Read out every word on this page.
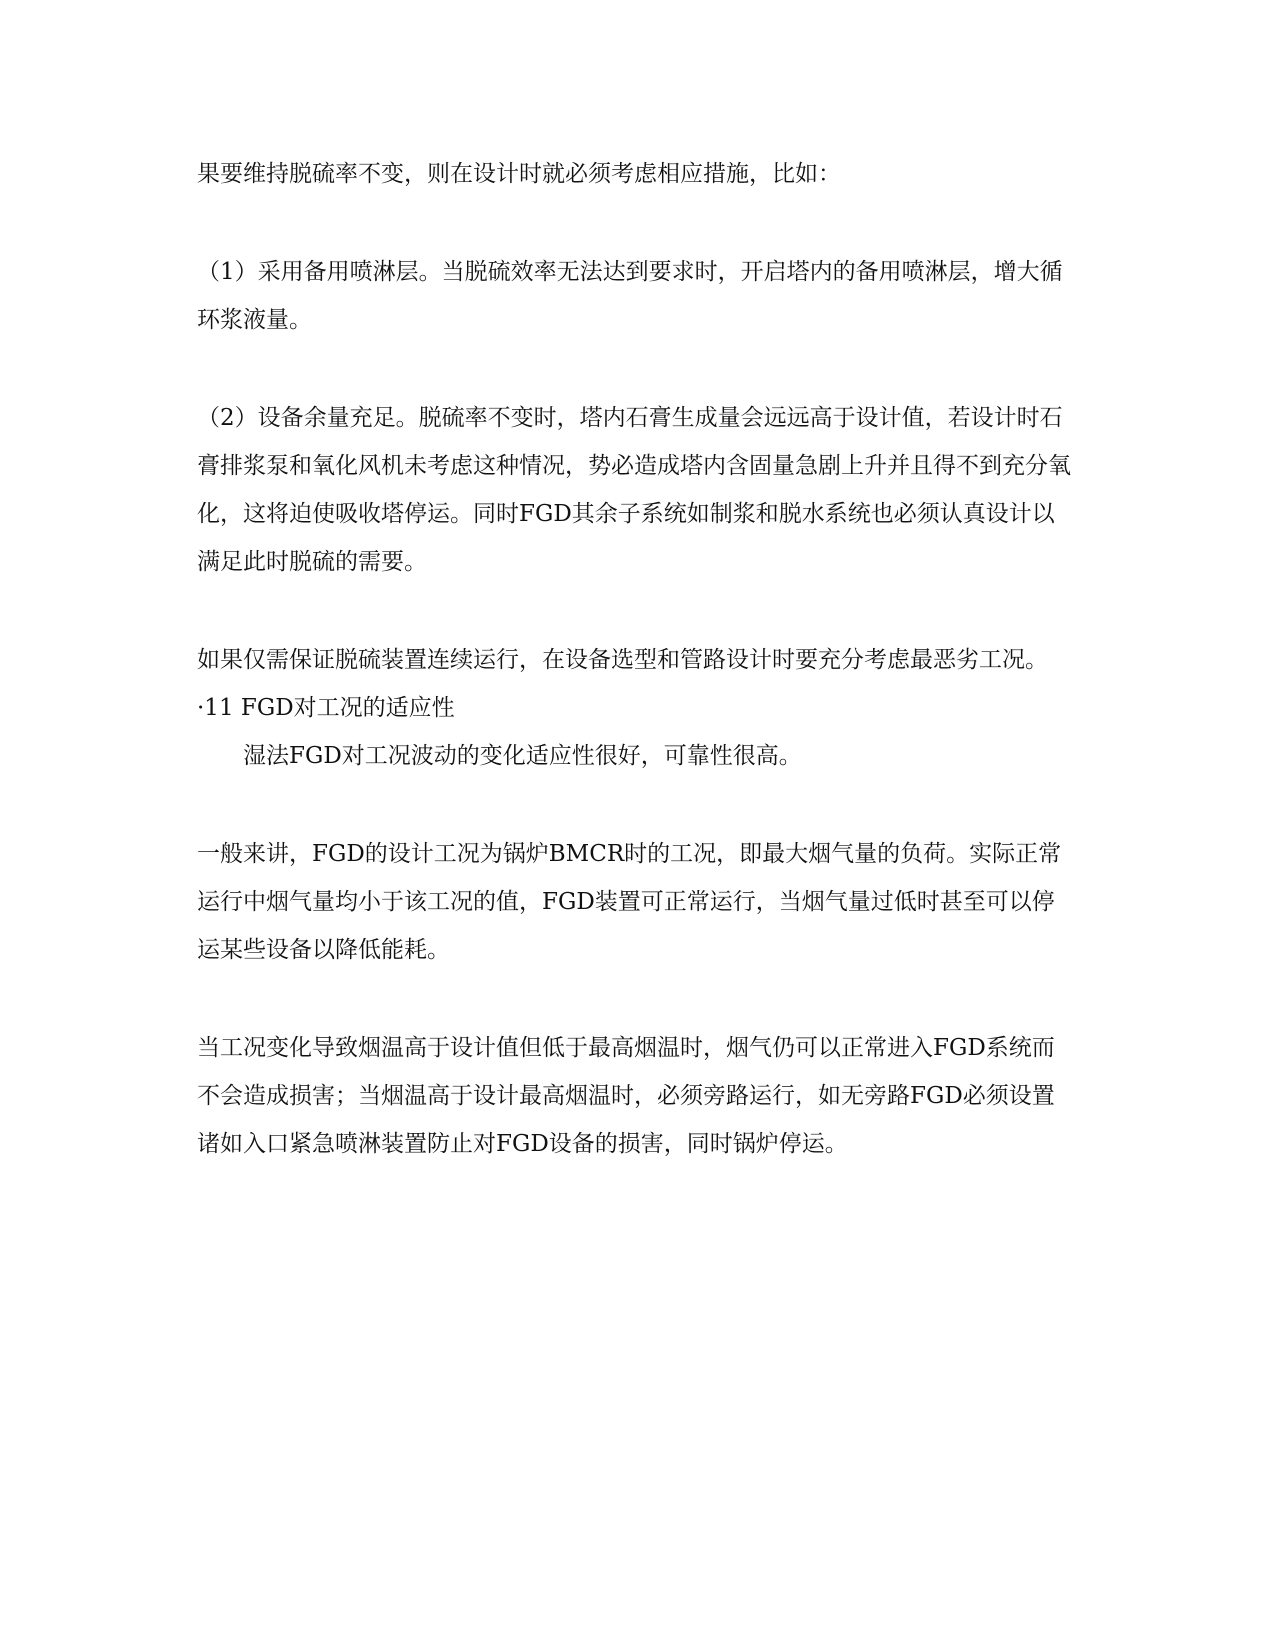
果要维持脱硫率不变，则在设计时就必须考虑相应措施，比如：

（1）采用备用喷淋层。当脱硫效率无法达到要求时，开启塔内的备用喷淋层，增大循环浆液量。

（2）设备余量充足。脱硫率不变时，塔内石膏生成量会远远高于设计值，若设计时石膏排浆泵和氧化风机未考虑这种情况，势必造成塔内含固量急剧上升并且得不到充分氧化，这将迫使吸收塔停运。同时FGD其余子系统如制浆和脱水系统也必须认真设计以满足此时脱硫的需要。

如果仅需保证脱硫装置连续运行，在设备选型和管路设计时要充分考虑最恶劣工况。

·11 FGD对工况的适应性

湿法FGD对工况波动的变化适应性很好，可靠性很高。

一般来讲，FGD的设计工况为锅炉BMCR时的工况，即最大烟气量的负荷。实际正常运行中烟气量均小于该工况的值，FGD装置可正常运行，当烟气量过低时甚至可以停运某些设备以降低能耗。

当工况变化导致烟温高于设计值但低于最高烟温时，烟气仍可以正常进入FGD系统而不会造成损害；当烟温高于设计最高烟温时，必须旁路运行，如无旁路FGD必须设置诸如入口紧急喷淋装置防止对FGD设备的损害，同时锅炉停运。
